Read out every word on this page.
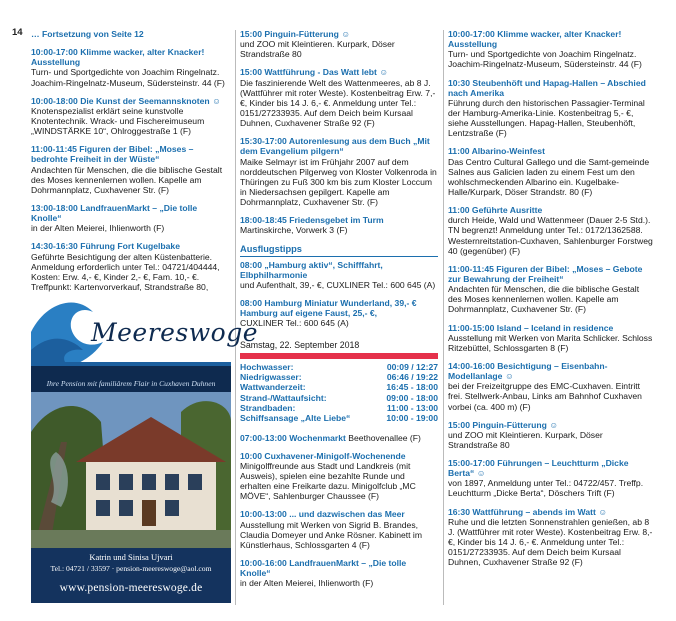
14 … Fortsetzung von Seite 12
10:00-17:00 Klimme wacker, alter Knacker! Ausstellung
Turn- und Sportgedichte von Joachim Ringelnatz. Joachim-Ringelnatz-Museum, Südersteinstr. 44 (F)
10:00-18:00 Die Kunst der Seemannsknoten ☺
Knotenspezialist erklärt seine kunstvolle Knotentechnik. Wrack- und Fischereimuseum „WINDSTÄRKE 10“, Ohlroggestraße 1 (F)
11:00-11:45 Figuren der Bibel: „Moses – bedrohte Freiheit in der Wüste“
Andachten für Menschen, die die biblische Gestalt des Moses kennenlernen wollen. Kapelle am Dohrmannplatz, Cuxhavener Str. (F)
13:00-18:00 LandfrauenMarkt – „Die tolle Knolle“
in der Alten Meierei, Ihlienworth (F)
14:30-16:30 Führung Fort Kugelbake
Geführte Besichtigung der alten Küstenbatterie. Anmeldung erforderlich unter Tel.: 04721/404444, Kosten: Erw. 4,- €, Kinder 2,- €, Fam. 10,- €. Treffpunkt: Kartenvorverkauf, Strandstraße 80,
Meereswoge
Ihre Pension mit familiärem Flair in Cuxhaven Duhnen
Katrin und Sinisa Ujvari
Tel.: 04721 / 33597 · pension-meereswoge@aol.com
www.pension-meereswoge.de
15:00 Pinguin-Fütterung ☺
und ZOO mit Kleintieren. Kurpark, Döser Strandstraße 80
15:00 Wattführung - Das Watt lebt ☺
Die faszinierende Welt des Wattenmeeres, ab 8 J. (Wattführer mit roter Weste). Kostenbeitrag Erw. 7,- €, Kinder bis 14 J. 6,- €. Anmeldung unter Tel.: 0151/27233935. Auf dem Deich beim Kursaal Duhnen, Cuxhavener Straße 92 (F)
15:30-17:00 Autorenlesung aus dem Buch „Mit dem Evangelium pilgern“
Maike Selmayr ist im Frühjahr 2007 auf dem norddeutschen Pilgerweg von Kloster Volkenroda in Thüringen zu Fuß 300 km bis zum Kloster Loccum in Niedersachsen gepilgert. Kapelle am Dohrmannplatz, Cuxhavener Str. (F)
18:00-18:45 Friedensgebet im Turm
Martinskirche, Vorwerk 3 (F)
Ausflugstipps
08:00 „Hamburg aktiv“, Schifffahrt, Elbphilharmonie
und Aufenthalt, 39,- €, CUXLINER Tel.: 600 645 (A)
08:00 Hamburg Miniatur Wunderland, 39,- € Hamburg auf eigene Faust, 25,- €,
CUXLINER Tel.: 600 645 (A)
Samstag, 22. September 2018
Hochwasser:	00:09 / 12:27
Niedrigwasser:	06:46 / 19:22
Wattwanderzeit:	16:45 - 18:00
Strand-/Wattaufsicht:	09:00 - 18:00
Strandbaden:	11:00 - 13:00
Schiffsansage „Alte Liebe“	10:00 - 19:00
07:00-13:00 Wochenmarkt Beethovenallee (F)
10:00 Cuxhavener-Minigolf-Wochenende
Minigolffreunde aus Stadt und Landkreis (mit Ausweis), spielen eine bezahlte Runde und erhalten eine Freikarte dazu. Minigolfclub „MC MÖVE“, Sahlenburger Chaussee (F)
10:00-13:00 ... und dazwischen das Meer
Ausstellung mit Werken von Sigrid B. Brandes, Claudia Domeyer und Anke Rösner. Kabinett im Künstlerhaus, Schlossgarten 4 (F)
10:00-16:00 LandfrauenMarkt – „Die tolle Knolle“
in der Alten Meierei, Ihlienworth (F)
10:00-17:00 Klimme wacker, alter Knacker! Ausstellung
Turn- und Sportgedichte von Joachim Ringelnatz. Joachim-Ringelnatz-Museum, Südersteinstr. 44 (F)
10:30 Steubenhöft und Hapag-Hallen – Abschied nach Amerika
Führung durch den historischen Passagier-Terminal der Hamburg-Amerika-Linie. Kostenbeitrag 5,- €, siehe Ausstellungen. Hapag-Hallen, Steubenhöft, Lentzstraße (F)
11:00 Albarino-Weinfest
Das Centro Cultural Gallego und die Samt-gemeinde Salnes aus Galicien laden zu einem Fest um den wohlschmeckenden Albarino ein. Kugelbake-Halle/Kurpark, Döser Strandstr. 80 (F)
11:00 Geführte Ausritte
durch Heide, Wald und Wattenmeer (Dauer 2-5 Std.). TN begrenzt! Anmeldung unter Tel.: 0172/1362588. Westernreitstation-Cuxhaven, Sahlenburger Forstweg 40 (gegenüber) (F)
11:00-11:45 Figuren der Bibel: „Moses – Gebote zur Bewahrung der Freiheit“
Andachten für Menschen, die die biblische Gestalt des Moses kennenlernen wollen. Kapelle am Dohrmannplatz, Cuxhavener Str. (F)
11:00-15:00 Island – Iceland in residence
Ausstellung mit Werken von Marita Schlicker. Schloss Ritzebüttel, Schlossgarten 8 (F)
14:00-16:00 Besichtigung – Eisenbahn-Modellanlage ☺
bei der Freizeitgruppe des EMC-Cuxhaven. Eintritt frei. Stellwerk-Anbau, Links am Bahnhof Cuxhaven vorbei (ca. 400 m) (F)
15:00 Pinguin-Fütterung ☺
und ZOO mit Kleintieren. Kurpark, Döser Strandstraße 80
15:00-17:00 Führungen – Leuchtturm „Dicke Berta“ ☺
von 1897, Anmeldung unter Tel.: 04722/457. Treffp. Leuchtturm „Dicke Berta“, Döschers Trift (F)
16:30 Wattführung – abends im Watt ☺
Ruhe und die letzten Sonnenstrahlen genießen, ab 8 J. (Wattführer mit roter Weste). Kostenbeitrag Erw. 8,- €, Kinder bis 14 J. 6,- €. Anmeldung unter Tel.: 0151/27233935. Auf dem Deich beim Kursaal Duhnen, Cuxhavener Straße 92 (F)
